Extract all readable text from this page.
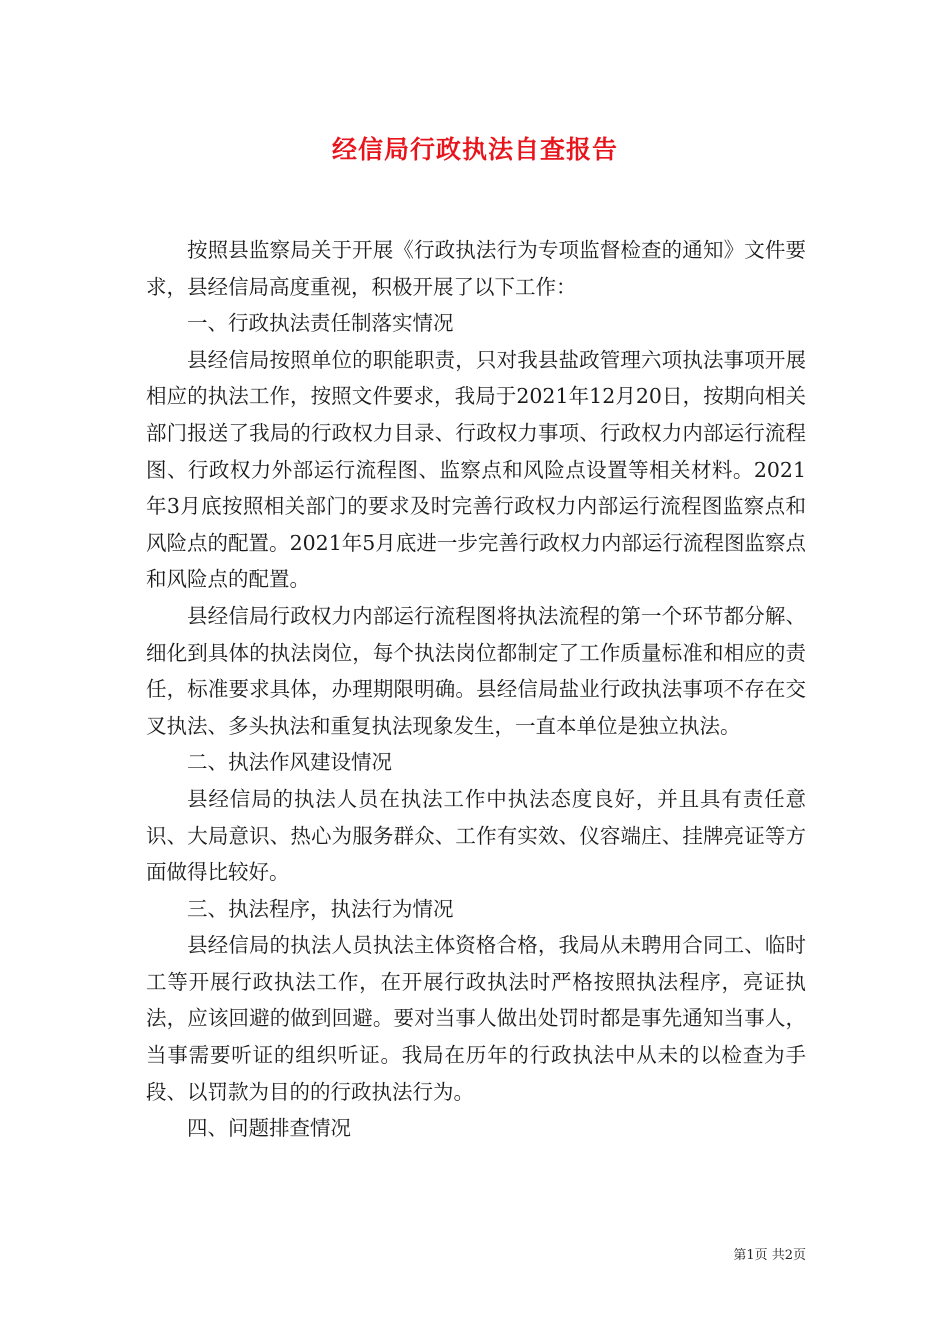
经信局行政执法自查报告

按照县监察局关于开展《行政执法行为专项监督检查的通知》文件要求，县经信局高度重视，积极开展了以下工作：

一、行政执法责任制落实情况

县经信局按照单位的职能职责，只对我县盐政管理六项执法事项开展相应的执法工作，按照文件要求，我局于2021年12月20日，按期向相关部门报送了我局的行政权力目录、行政权力事项、行政权力内部运行流程图、行政权力外部运行流程图、监察点和风险点设置等相关材料。2021年3月底按照相关部门的要求及时完善行政权力内部运行流程图监察点和风险点的配置。2021年5月底进一步完善行政权力内部运行流程图监察点和风险点的配置。

县经信局行政权力内部运行流程图将执法流程的第一个环节都分解、细化到具体的执法岗位，每个执法岗位都制定了工作质量标准和相应的责任，标准要求具体，办理期限明确。县经信局盐业行政执法事项不存在交叉执法、多头执法和重复执法现象发生，一直本单位是独立执法。

二、执法作风建设情况

县经信局的执法人员在执法工作中执法态度良好，并且具有责任意识、大局意识、热心为服务群众、工作有实效、仪容端庄、挂牌亮证等方面做得比较好。

三、执法程序，执法行为情况

县经信局的执法人员执法主体资格合格，我局从未聘用合同工、临时工等开展行政执法工作，在开展行政执法时严格按照执法程序，亮证执法，应该回避的做到回避。要对当事人做出处罚时都是事先通知当事人，当事需要听证的组织听证。我局在历年的行政执法中从未的以检查为手段、以罚款为目的的行政执法行为。

四、问题排查情况

第1页 共2页
